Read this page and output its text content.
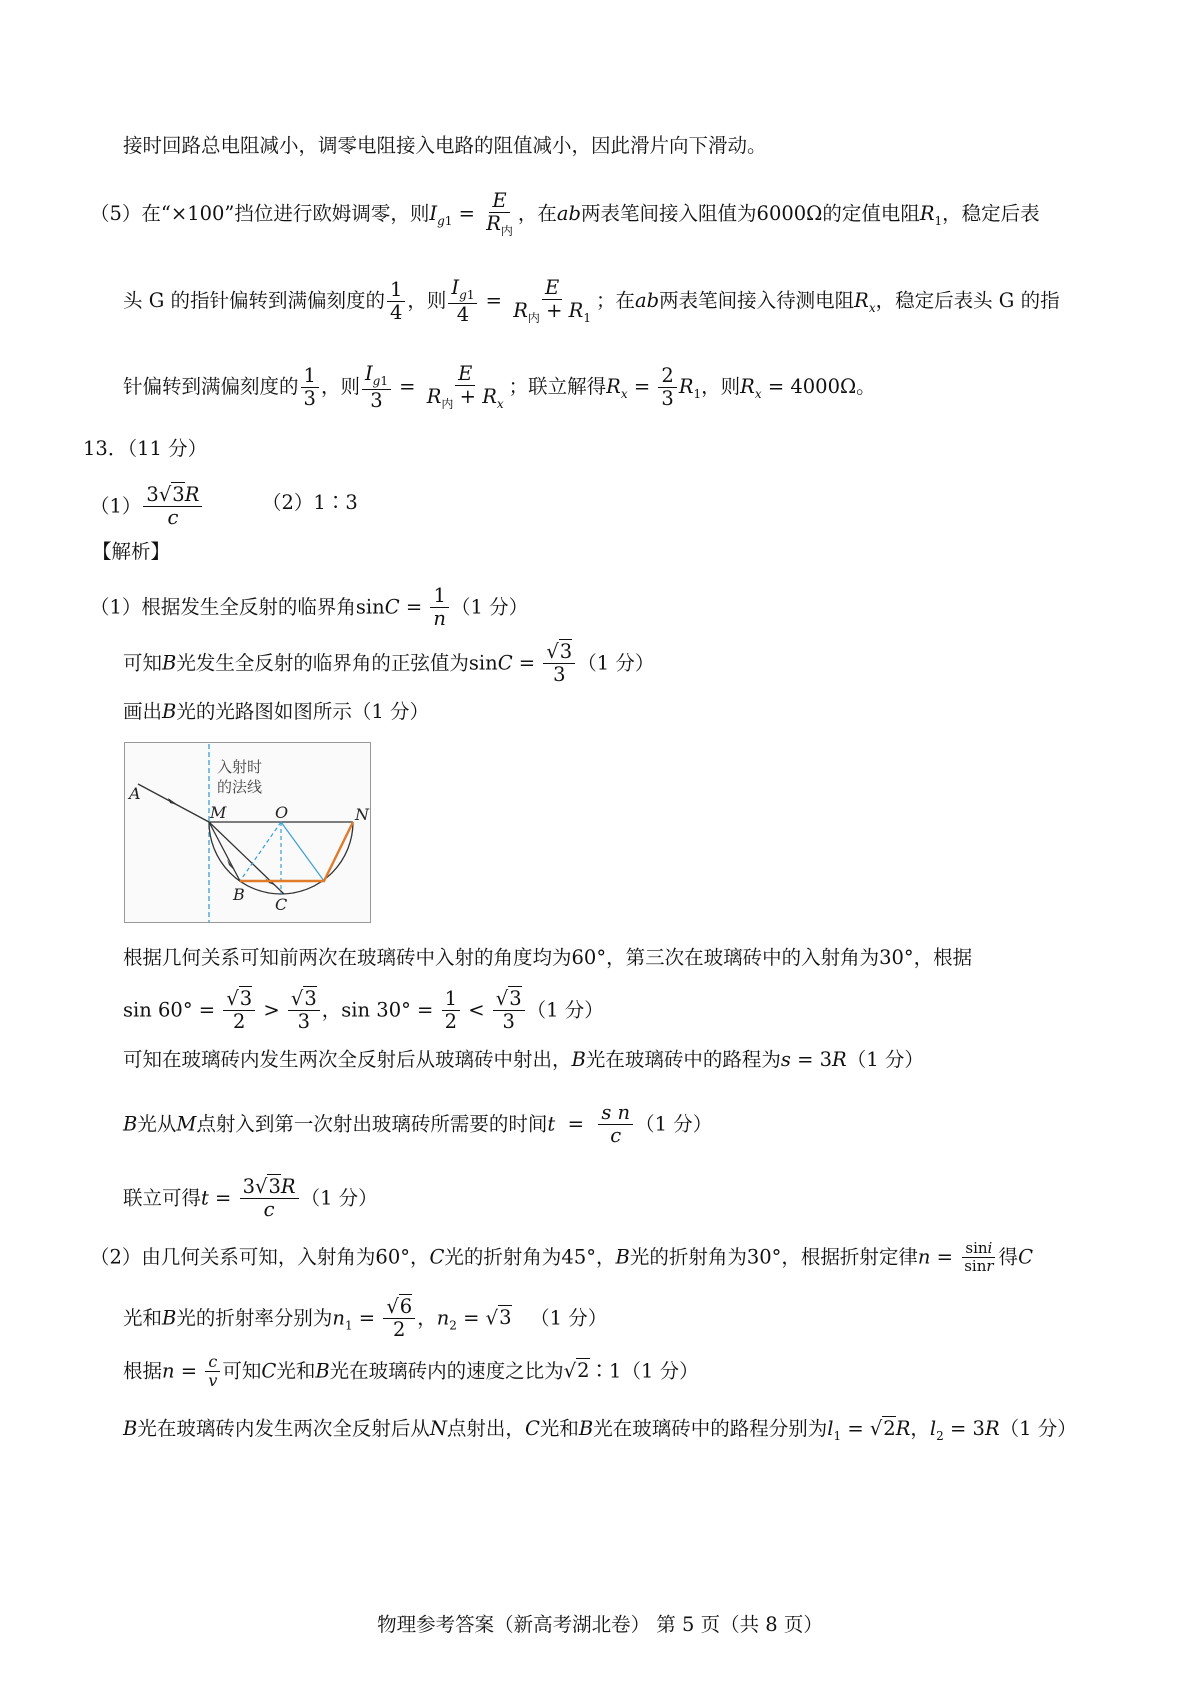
接时回路总电阻减小，调零电阻接入电路的阻值减小，因此滑片向下滑动。
（5）在“×100”挡位进行欧姆调零，则$I_{g1} = \frac{E}{R_内}$ ，在ab两表笔间接入阻值为6000Ω的定值电阻$R_1$，稳定后表
头 G 的指针偏转到满偏刻度的 $\frac{1}{4}$ ，则 $\frac{I_{g1}}{4} = \frac{E}{R_内 + R_1}$ ；在ab两表笔间接入待测电阻$R_x$，稳定后表头 G 的指
针偏转到满偏刻度的 $\frac{1}{3}$ ，则 $\frac{I_{g1}}{3} = \frac{E}{R_内 + R_x}$ ；联立解得$R_x = \frac{2}{3} R_1$，则$R_x = 4000\Omega$。
13．（11 分）
$(1) \frac{3√3R}{c}$	（2）1∶3
【解析】
（1）根据发生全反射的临界角$\sin C = \frac{1}{n} (1$ 分）
可知B光发生全反射的临界角的正弦值为$\sin C = \frac{√3}{3} (1$ 分）
画出B光的光路图如图所示（1 分）
入射时
的法线
A
M	O	N
B
C
根据几何关系可知前两次在玻璃砖中入射的角度均为60°，第三次在玻璃砖中的入射角为30°，根据
$\sin 60^\circ = \frac{√3}{2} > \frac{√3}{3}$ ，$\sin 30^\circ = \frac{1}{2} < \frac{√3}{3} (1$ 分）
可知在玻璃砖内发生两次全反射后从玻璃砖中射出，B光在玻璃砖中的路程为s = 3R（1 分）
B光从M点射入到第一次射出玻璃砖所需要的时间$t = \frac{\text{s n}}{c} (1$ 分）
联立可得$t = \frac{3√3R}{c} (1$ 分）
（2）由几何关系可知，入射角为60°，C光的折射角为45°，B光的折射角为30°，根据折射定律$n = \frac{\sin i}{\sin r}$ 得C
光和B光的折射率分别为$n_1 = \frac{√6}{2}$ ，$n_2 = √3$ （1 分）
根据$n = \frac{c}{v}$ 可知C光和B光在玻璃砖内的速度之比为√2∶1（1 分）
B光在玻璃砖内发生两次全反射后从N点射出，C光和B光在玻璃砖中的路程分别为$l_1 = √2R$，$l_2 = 3R(1$ 分）
物理参考答案（新高考湖北卷） 第 5 页（共 8 页）
